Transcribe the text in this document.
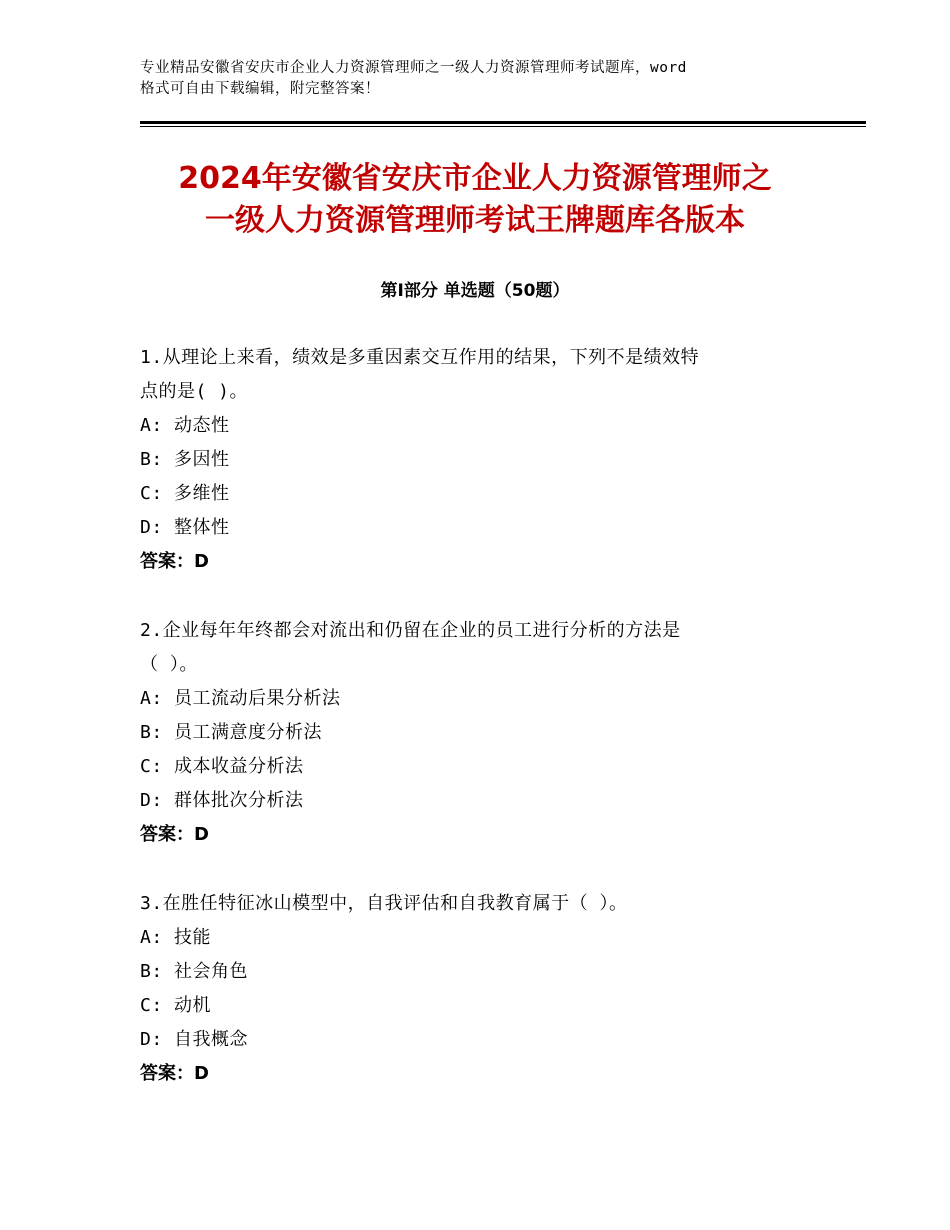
专业精品安徽省安庆市企业人力资源管理师之一级人力资源管理师考试题库，word
格式可自由下载编辑，附完整答案！
2024年安徽省安庆市企业人力资源管理师之
一级人力资源管理师考试王牌题库各版本
第Ⅰ部分 单选题（50题）
1.从理论上来看，绩效是多重因素交互作用的结果，下列不是绩效特
点的是( )。
A: 动态性
B: 多因性
C: 多维性
D: 整体性
答案：D
2.企业每年年终都会对流出和仍留在企业的员工进行分析的方法是
（ ）。
A: 员工流动后果分析法
B: 员工满意度分析法
C: 成本收益分析法
D: 群体批次分析法
答案：D
3.在胜任特征冰山模型中，自我评估和自我教育属于（ ）。
A: 技能
B: 社会角色
C: 动机
D: 自我概念
答案：D
